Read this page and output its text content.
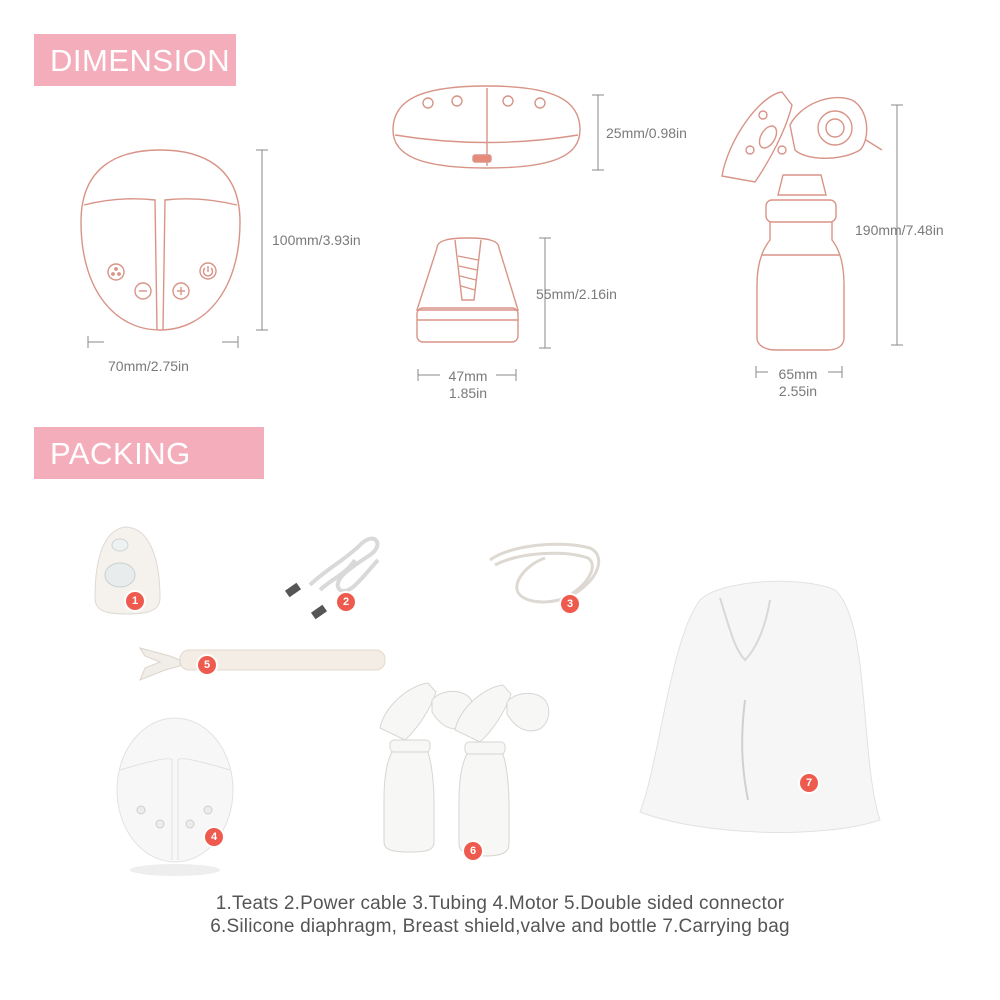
DIMENSION
PACKING LIST
100mm/3.93in
70mm/2.75in
25mm/0.98in
55mm/2.16in
47mm
1.85in
190mm/7.48in
65mm
2.55in
1	2	3
4
5
6
7
1.Teats 2.Power cable 3.Tubing 4.Motor 5.Double sided connector
6.Silicone diaphragm, Breast shield,valve and bottle 7.Carrying bag
